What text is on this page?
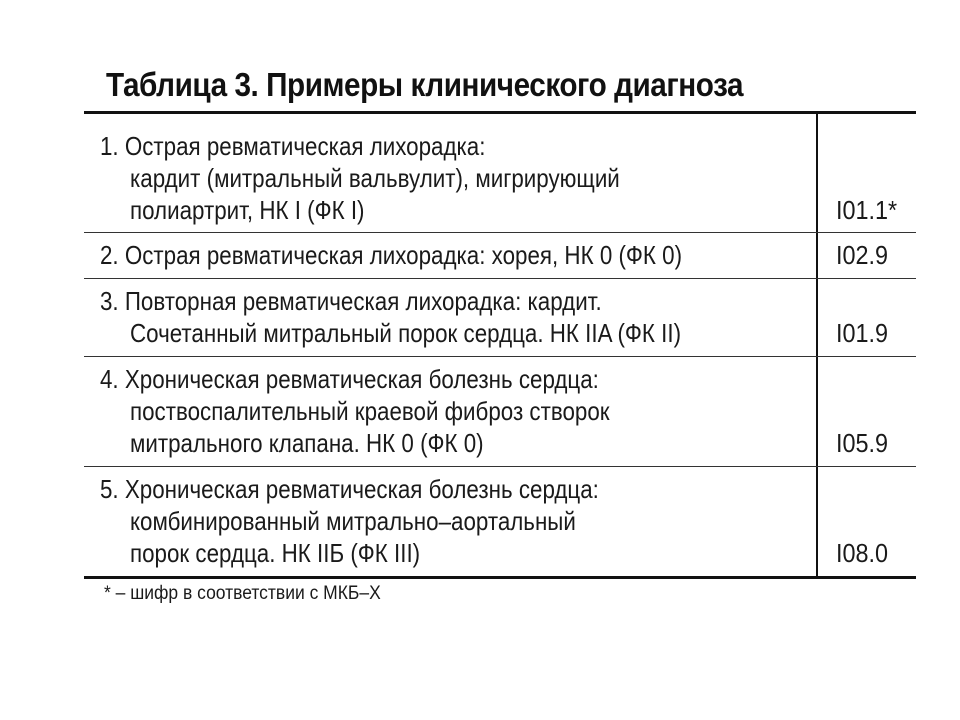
Таблица 3. Примеры клинического диагноза
1. Острая ревматическая лихорадка:
кардит (митральный вальвулит), мигрирующий
полиартрит, НК I (ФК I)	I01.1*
2. Острая ревматическая лихорадка: хорея, НК 0 (ФК 0)	I02.9
3. Повторная ревматическая лихорадка: кардит.
Сочетанный митральный порок сердца. НК IIA (ФК II)	I01.9
4. Хроническая ревматическая болезнь сердца:
поствоспалительный краевой фиброз створок
митрального клапана. НК 0 (ФК 0)	I05.9
5. Хроническая ревматическая болезнь сердца:
комбинированный митрально–аортальный
порок сердца. НК IIБ (ФК III)	I08.0
* – шифр в соответствии с МКБ–X
